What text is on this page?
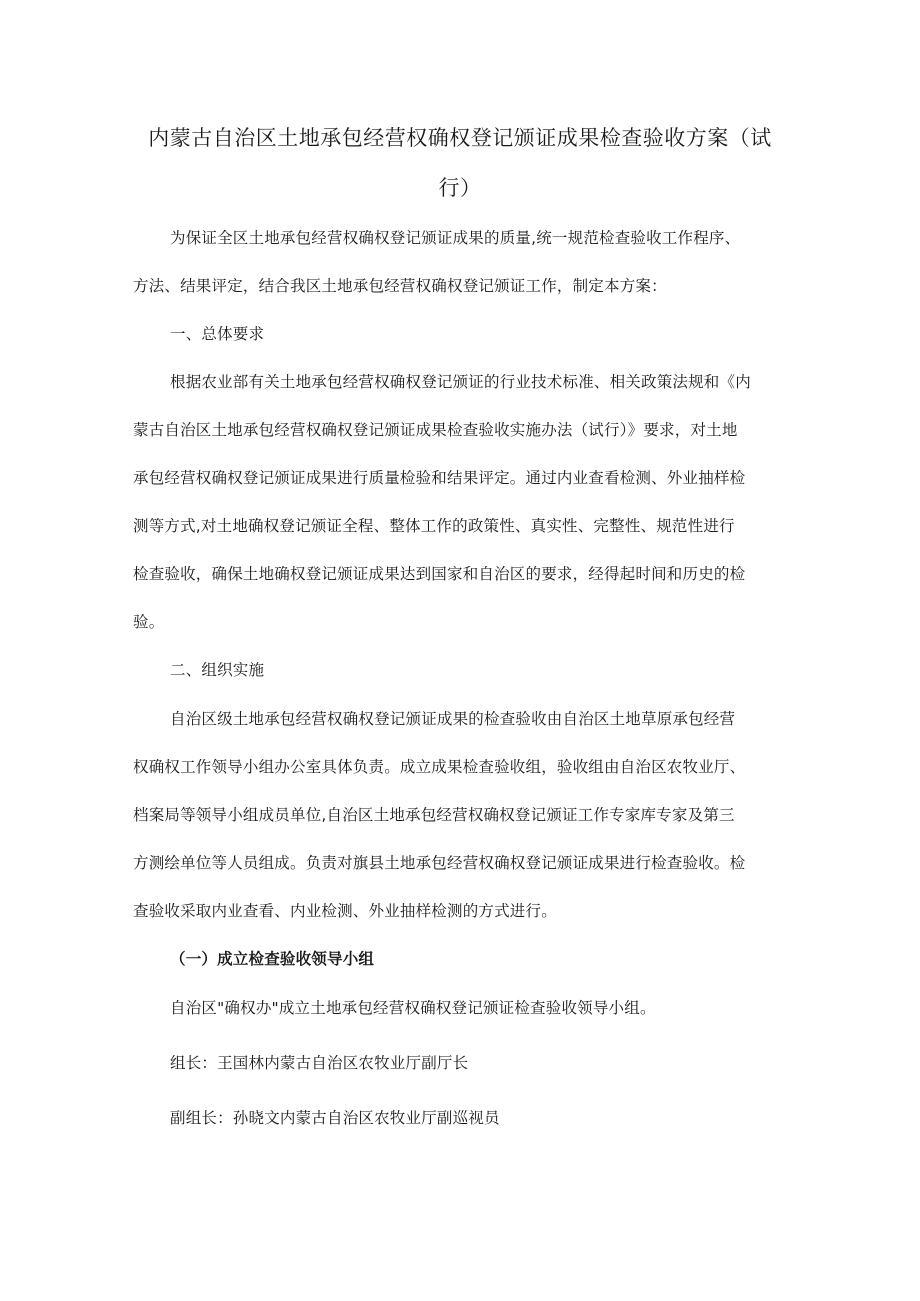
内蒙古自治区土地承包经营权确权登记颁证成果检查验收方案（试
行）
为保证全区土地承包经营权确权登记颁证成果的质量,统一规范检查验收工作程序、
方法、结果评定，结合我区土地承包经营权确权登记颁证工作，制定本方案：
一、总体要求
根据农业部有关土地承包经营权确权登记颁证的行业技术标准、相关政策法规和《内
蒙古自治区土地承包经营权确权登记颁证成果检查验收实施办法（试行）》要求，对土地
承包经营权确权登记颁证成果进行质量检验和结果评定。通过内业查看检测、外业抽样检
测等方式,对土地确权登记颁证全程、整体工作的政策性、真实性、完整性、规范性进行
检查验收，确保土地确权登记颁证成果达到国家和自治区的要求，经得起时间和历史的检
验。
二、组织实施
自治区级土地承包经营权确权登记颁证成果的检查验收由自治区土地草原承包经营
权确权工作领导小组办公室具体负责。成立成果检查验收组，验收组由自治区农牧业厅、
档案局等领导小组成员单位,自治区土地承包经营权确权登记颁证工作专家库专家及第三
方测绘单位等人员组成。负责对旗县土地承包经营权确权登记颁证成果进行检查验收。检
查验收采取内业查看、内业检测、外业抽样检测的方式进行。
（一）成立检查验收领导小组
自治区"确权办"成立土地承包经营权确权登记颁证检查验收领导小组。
组长：王国林内蒙古自治区农牧业厅副厅长
副组长：孙晓文内蒙古自治区农牧业厅副巡视员
